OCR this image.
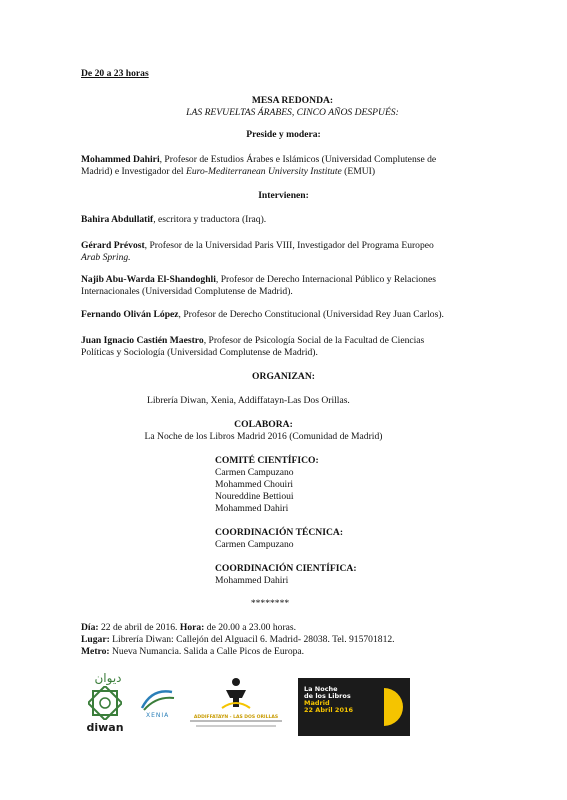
De 20 a 23 horas
MESA REDONDA:
LAS REVUELTAS ÁRABES, CINCO AÑOS DESPUÉS:
Preside y modera:
Mohammed Dahiri, Profesor de Estudios Árabes e Islámicos (Universidad Complutense de
Madrid) e Investigador del Euro-Mediterranean University Institute (EMUI)
Intervienen:
Bahira Abdullatif, escritora y traductora (Iraq).
Gérard Prévost, Profesor de la Universidad Paris VIII, Investigador del Programa Europeo
Arab Spring.
Najib Abu-Warda El-Shandoghli, Profesor de Derecho Internacional Público y Relaciones
Internacionales (Universidad Complutense de Madrid).
Fernando Oliván López, Profesor de Derecho Constitucional (Universidad Rey Juan Carlos).
Juan Ignacio Castién Maestro, Profesor de Psicología Social de la Facultad de Ciencias
Políticas y Sociología (Universidad Complutense de Madrid).
ORGANIZAN:
Librería Diwan, Xenia, Addiffatayn-Las Dos Orillas.
COLABORA:
La Noche de los Libros Madrid 2016 (Comunidad de Madrid)
COMITÉ CIENTÍFICO:
Carmen Campuzano
Mohammed Chouiri
Noureddine Bettioui
Mohammed Dahiri
COORDINACIÓN TÉCNICA:
Carmen Campuzano
COORDINACIÓN CIENTÍFICA:
Mohammed Dahiri
********
Día: 22 de abril de 2016. Hora: de 20.00 a 23.00 horas.
Lugar: Librería Diwan: Callejón del Alguacil 6. Madrid- 28038. Tel. 915701812.
Metro: Nueva Numancia. Salida a Calle Picos de Europa.
ديوان
diwan
XENIA	ADDIFFATAYN - LAS DOS ORILLAS
La Noche
de los Libros
Madrid
22 Abril 2016
